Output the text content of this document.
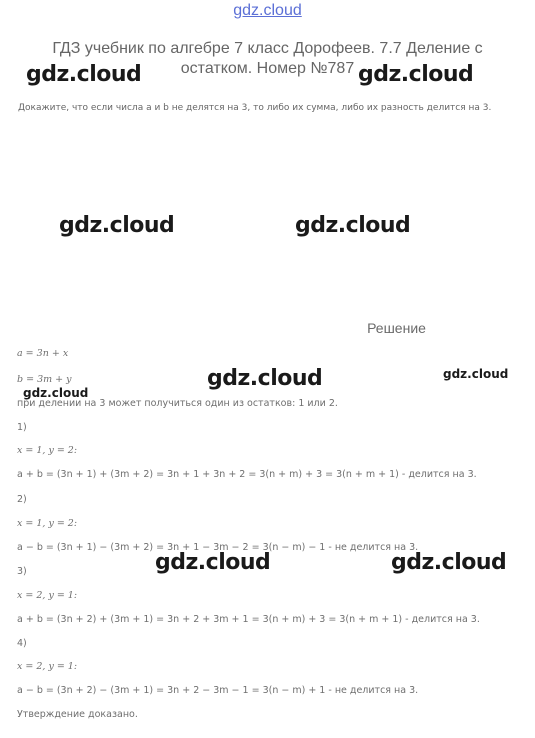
gdz.cloud
ГДЗ учебник по алгебре 7 класс Дорофеев. 7.7 Деление с остатком. Номер №787
Докажите, что если числа a и b не делятся на 3, то либо их сумма, либо их разность делится на 3.
Решение
a = 3n + x
b = 3m + y
при делении на 3 может получиться один из остатков: 1 или 2.
1)
x = 1, y = 2:
a + b = (3n + 1) + (3m + 2) = 3n + 1 + 3n + 2 = 3(n + m) + 3 = 3(n + m + 1) - делится на 3.
2)
x = 1, y = 2:
a − b = (3n + 1) − (3m + 2) = 3n + 1 − 3m − 2 = 3(n − m) − 1 - не делится на 3.
3)
x = 2, y = 1:
a + b = (3n + 2) + (3m + 1) = 3n + 2 + 3m + 1 = 3(n + m) + 3 = 3(n + m + 1) - делится на 3.
4)
x = 2, y = 1:
a − b = (3n + 2) − (3m + 1) = 3n + 2 − 3m − 1 = 3(n − m) + 1 - не делится на 3.
Утверждение доказано.
gdz.cloud	gdz.cloud
gdz.cloud	gdz.cloud
gdz.cloud	gdz.cloud
gdz.cloud
gdz.cloud	gdz.cloud
